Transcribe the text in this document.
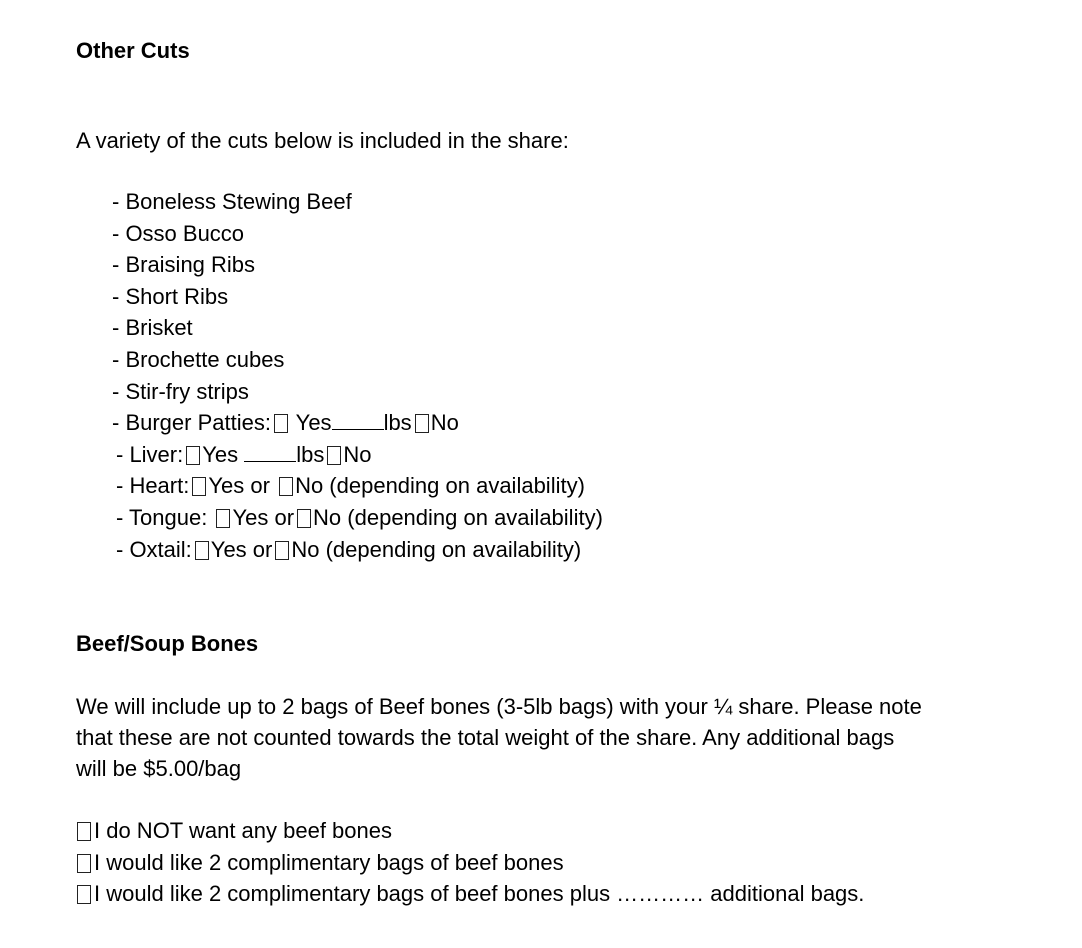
Other Cuts

A variety of the cuts below is included in the share:

- Boneless Stewing Beef
- Osso Bucco
- Braising Ribs
- Short Ribs
- Brisket
- Brochette cubes
- Stir-fry strips
- Burger Patties: Yes lbs No
- Liver: Yes	lbs No
- Heart: Yes or No (depending on availability)
- Tongue: Yes or No (depending on availability)
- Oxtail: Yes or No (depending on availability)
Beef/Soup Bones
We will include up to 2 bags of Beef bones (3-5lb bags) with your ¼ share. Please note
that these are not counted towards the total weight of the share. Any additional bags
will be $5.00/bag
I do NOT want any beef bones
I would like 2 complimentary bags of beef bones
I would like 2 complimentary bags of beef bones plus ………… additional bags.
